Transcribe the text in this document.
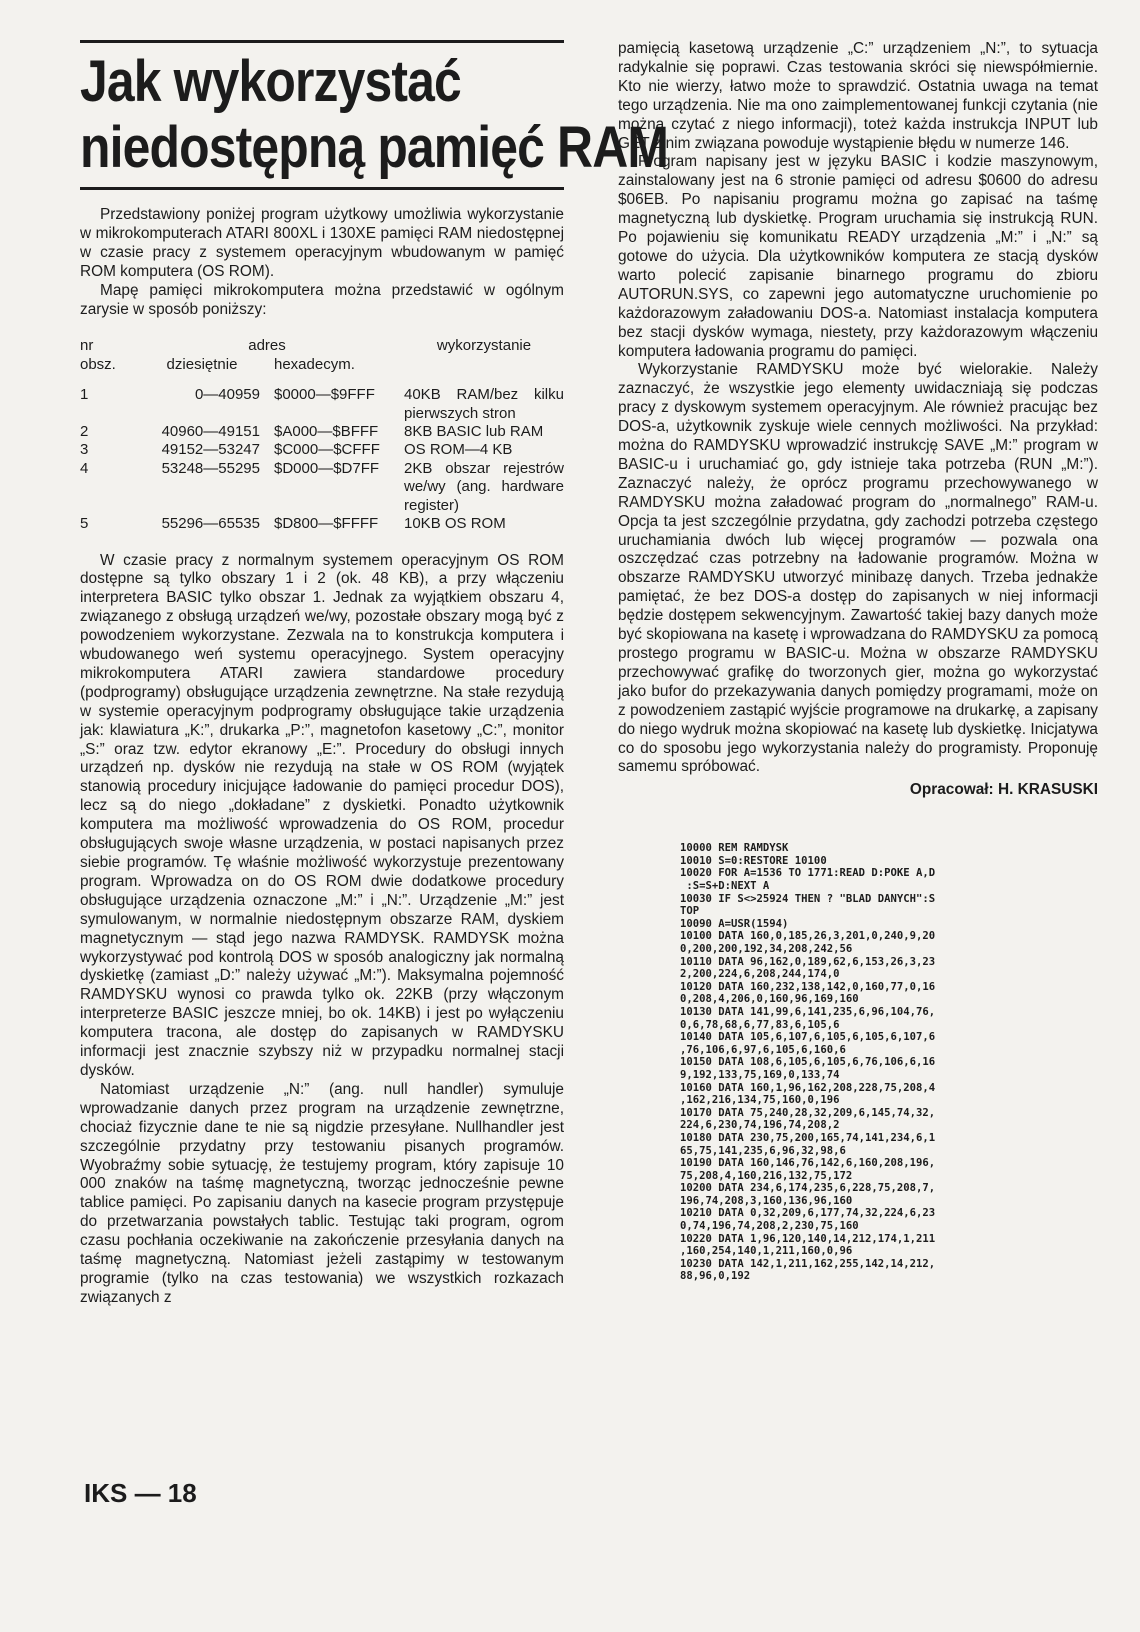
Jak wykorzystać
niedostępną pamięć RAM

Przedstawiony poniżej program użytkowy umożliwia wykorzystanie w mikrokomputerach ATARI 800XL i 130XE pamięci RAM niedostępnej w czasie pracy z systemem operacyjnym wbudowanym w pamięć ROM komputera (OS ROM).

Mapę pamięci mikrokomputera można przedstawić w ogólnym zarysie w sposób poniższy:

nr	adres		wykorzystanie
obsz.	dziesiętnie	hexadecym.	

1	0—40959	$0000—$9FFF	40KB RAM/bez kilku pierwszych stron
2	40960—49151	$A000—$BFFF	8KB BASIC lub RAM
3	49152—53247	$C000—$CFFF	OS ROM—4 KB
4	53248—55295	$D000—$D7FF	2KB obszar rejestrów we/wy (ang. hardware register)
5	55296—65535	$D800—$FFFF	10KB OS ROM

W czasie pracy z normalnym systemem operacyjnym OS ROM dostępne są tylko obszary 1 i 2 (ok. 48 KB), a przy włączeniu interpretera BASIC tylko obszar 1. Jednak za wyjątkiem obszaru 4, związanego z obsługą urządzeń we/wy, pozostałe obszary mogą być z powodzeniem wykorzystane. Zezwala na to konstrukcja komputera i wbudowanego weń systemu operacyjnego. System operacyjny mikrokomputera ATARI zawiera standardowe procedury (podprogramy) obsługujące urządzenia zewnętrzne. Na stałe rezydują w systemie operacyjnym podprogramy obsługujące takie urządzenia jak: klawiatura „K:”, drukarka „P:”, magnetofon kasetowy „C:”, monitor „S:” oraz tzw. edytor ekranowy „E:”. Procedury do obsługi innych urządzeń np. dysków nie rezydują na stałe w OS ROM (wyjątek stanowią procedury inicjujące ładowanie do pamięci procedur DOS), lecz są do niego „dokładane” z dyskietki. Ponadto użytkownik komputera ma możliwość wprowadzenia do OS ROM, procedur obsługujących swoje własne urządzenia, w postaci napisanych przez siebie programów. Tę właśnie możliwość wykorzystuje prezentowany program. Wprowadza on do OS ROM dwie dodatkowe procedury obsługujące urządzenia oznaczone „M:” i „N:”. Urządzenie „M:” jest symulowanym, w normalnie niedostępnym obszarze RAM, dyskiem magnetycznym — stąd jego nazwa RAMDYSK. RAMDYSK można wykorzystywać pod kontrolą DOS w sposób analogiczny jak normalną dyskietkę (zamiast „D:” należy używać „M:”). Maksymalna pojemność RAMDYSKU wynosi co prawda tylko ok. 22KB (przy włączonym interpreterze BASIC jeszcze mniej, bo ok. 14KB) i jest po wyłączeniu komputera tracona, ale dostęp do zapisanych w RAMDYSKU informacji jest znacznie szybszy niż w przypadku normalnej stacji dysków.

Natomiast urządzenie „N:” (ang. null handler) symuluje wprowadzanie danych przez program na urządzenie zewnętrzne, chociaż fizycznie dane te nie są nigdzie przesyłane. Nullhandler jest szczególnie przydatny przy testowaniu pisanych programów. Wyobraźmy sobie sytuację, że testujemy program, który zapisuje 10 000 znaków na taśmę magnetyczną, tworząc jednocześnie pewne tablice pamięci. Po zapisaniu danych na kasecie program przystępuje do przetwarzania powstałych tablic. Testując taki program, ogrom czasu pochłania oczekiwanie na zakończenie przesyłania danych na taśmę magnetyczną. Natomiast jeżeli zastąpimy w testowanym programie (tylko na czas testowania) we wszystkich rozkazach związanych z

pamięcią kasetową urządzenie „C:” urządzeniem „N:”, to sytuacja radykalnie się poprawi. Czas testowania skróci się niewspółmiernie. Kto nie wierzy, łatwo może to sprawdzić. Ostatnia uwaga na temat tego urządzenia. Nie ma ono zaimplementowanej funkcji czytania (nie można czytać z niego informacji), toteż każda instrukcja INPUT lub GET z nim związana powoduje wystąpienie błędu w numerze 146.

Program napisany jest w języku BASIC i kodzie maszynowym, zainstalowany jest na 6 stronie pamięci od adresu $0600 do adresu $06EB. Po napisaniu programu można go zapisać na taśmę magnetyczną lub dyskietkę. Program uruchamia się instrukcją RUN. Po pojawieniu się komunikatu READY urządzenia „M:” i „N:” są gotowe do użycia. Dla użytkowników komputera ze stacją dysków warto polecić zapisanie binarnego programu do zbioru AUTORUN.SYS, co zapewni jego automatyczne uruchomienie po każdorazowym załadowaniu DOS-a. Natomiast instalacja komputera bez stacji dysków wymaga, niestety, przy każdorazowym włączeniu komputera ładowania programu do pamięci.

Wykorzystanie RAMDYSKU może być wielorakie. Należy zaznaczyć, że wszystkie jego elementy uwidaczniają się podczas pracy z dyskowym systemem operacyjnym. Ale również pracując bez DOS-a, użytkownik zyskuje wiele cennych możliwości. Na przykład: można do RAMDYSKU wprowadzić instrukcję SAVE „M:” program w BASIC-u i uruchamiać go, gdy istnieje taka potrzeba (RUN „M:”). Zaznaczyć należy, że oprócz programu przechowywanego w RAMDYSKU można załadować program do „normalnego” RAM-u. Opcja ta jest szczególnie przydatna, gdy zachodzi potrzeba częstego uruchamiania dwóch lub więcej programów — pozwala ona oszczędzać czas potrzebny na ładowanie programów. Można w obszarze RAMDYSKU utworzyć minibazę danych. Trzeba jednakże pamiętać, że bez DOS-a dostęp do zapisanych w niej informacji będzie dostępem sekwencyjnym. Zawartość takiej bazy danych może być skopiowana na kasetę i wprowadzana do RAMDYSKU za pomocą prostego programu w BASIC-u. Można w obszarze RAMDYSKU przechowywać grafikę do tworzonych gier, można go wykorzystać jako bufor do przekazywania danych pomiędzy programami, może on z powodzeniem zastąpić wyjście programowe na drukarkę, a zapisany do niego wydruk można skopiować na kasetę lub dyskietkę. Inicjatywa co do sposobu jego wykorzystania należy do programisty. Proponuję samemu spróbować.

Opracował: H. KRASUSKI
10000 REM RAMDYSK
10010 S=0:RESTORE 10100
10020 FOR A=1536 TO 1771:READ D:POKE A,D
:S=S+D:NEXT A
10030 IF S<>25924 THEN ? "BLAD DANYCH":S
TOP
10090 A=USR(1594)
10100 DATA 160,0,185,26,3,201,0,240,9,20
0,200,200,192,34,208,242,56
10110 DATA 96,162,0,189,62,6,153,26,3,23
2,200,224,6,208,244,174,0
10120 DATA 160,232,138,142,0,160,77,0,16
0,208,4,206,0,160,96,169,160
10130 DATA 141,99,6,141,235,6,96,104,76,
0,6,78,68,6,77,83,6,105,6
10140 DATA 105,6,107,6,105,6,105,6,107,6
,76,106,6,97,6,105,6,160,6
10150 DATA 108,6,105,6,105,6,76,106,6,16
9,192,133,75,169,0,133,74
10160 DATA 160,1,96,162,208,228,75,208,4
,162,216,134,75,160,0,196
10170 DATA 75,240,28,32,209,6,145,74,32,
224,6,230,74,196,74,208,2
10180 DATA 230,75,200,165,74,141,234,6,1
65,75,141,235,6,96,32,98,6
10190 DATA 160,146,76,142,6,160,208,196,
75,208,4,160,216,132,75,172
10200 DATA 234,6,174,235,6,228,75,208,7,
196,74,208,3,160,136,96,160
10210 DATA 0,32,209,6,177,74,32,224,6,23
0,74,196,74,208,2,230,75,160
10220 DATA 1,96,120,140,14,212,174,1,211
,160,254,140,1,211,160,0,96
10230 DATA 142,1,211,162,255,142,14,212,
88,96,0,192
IKS — 18
